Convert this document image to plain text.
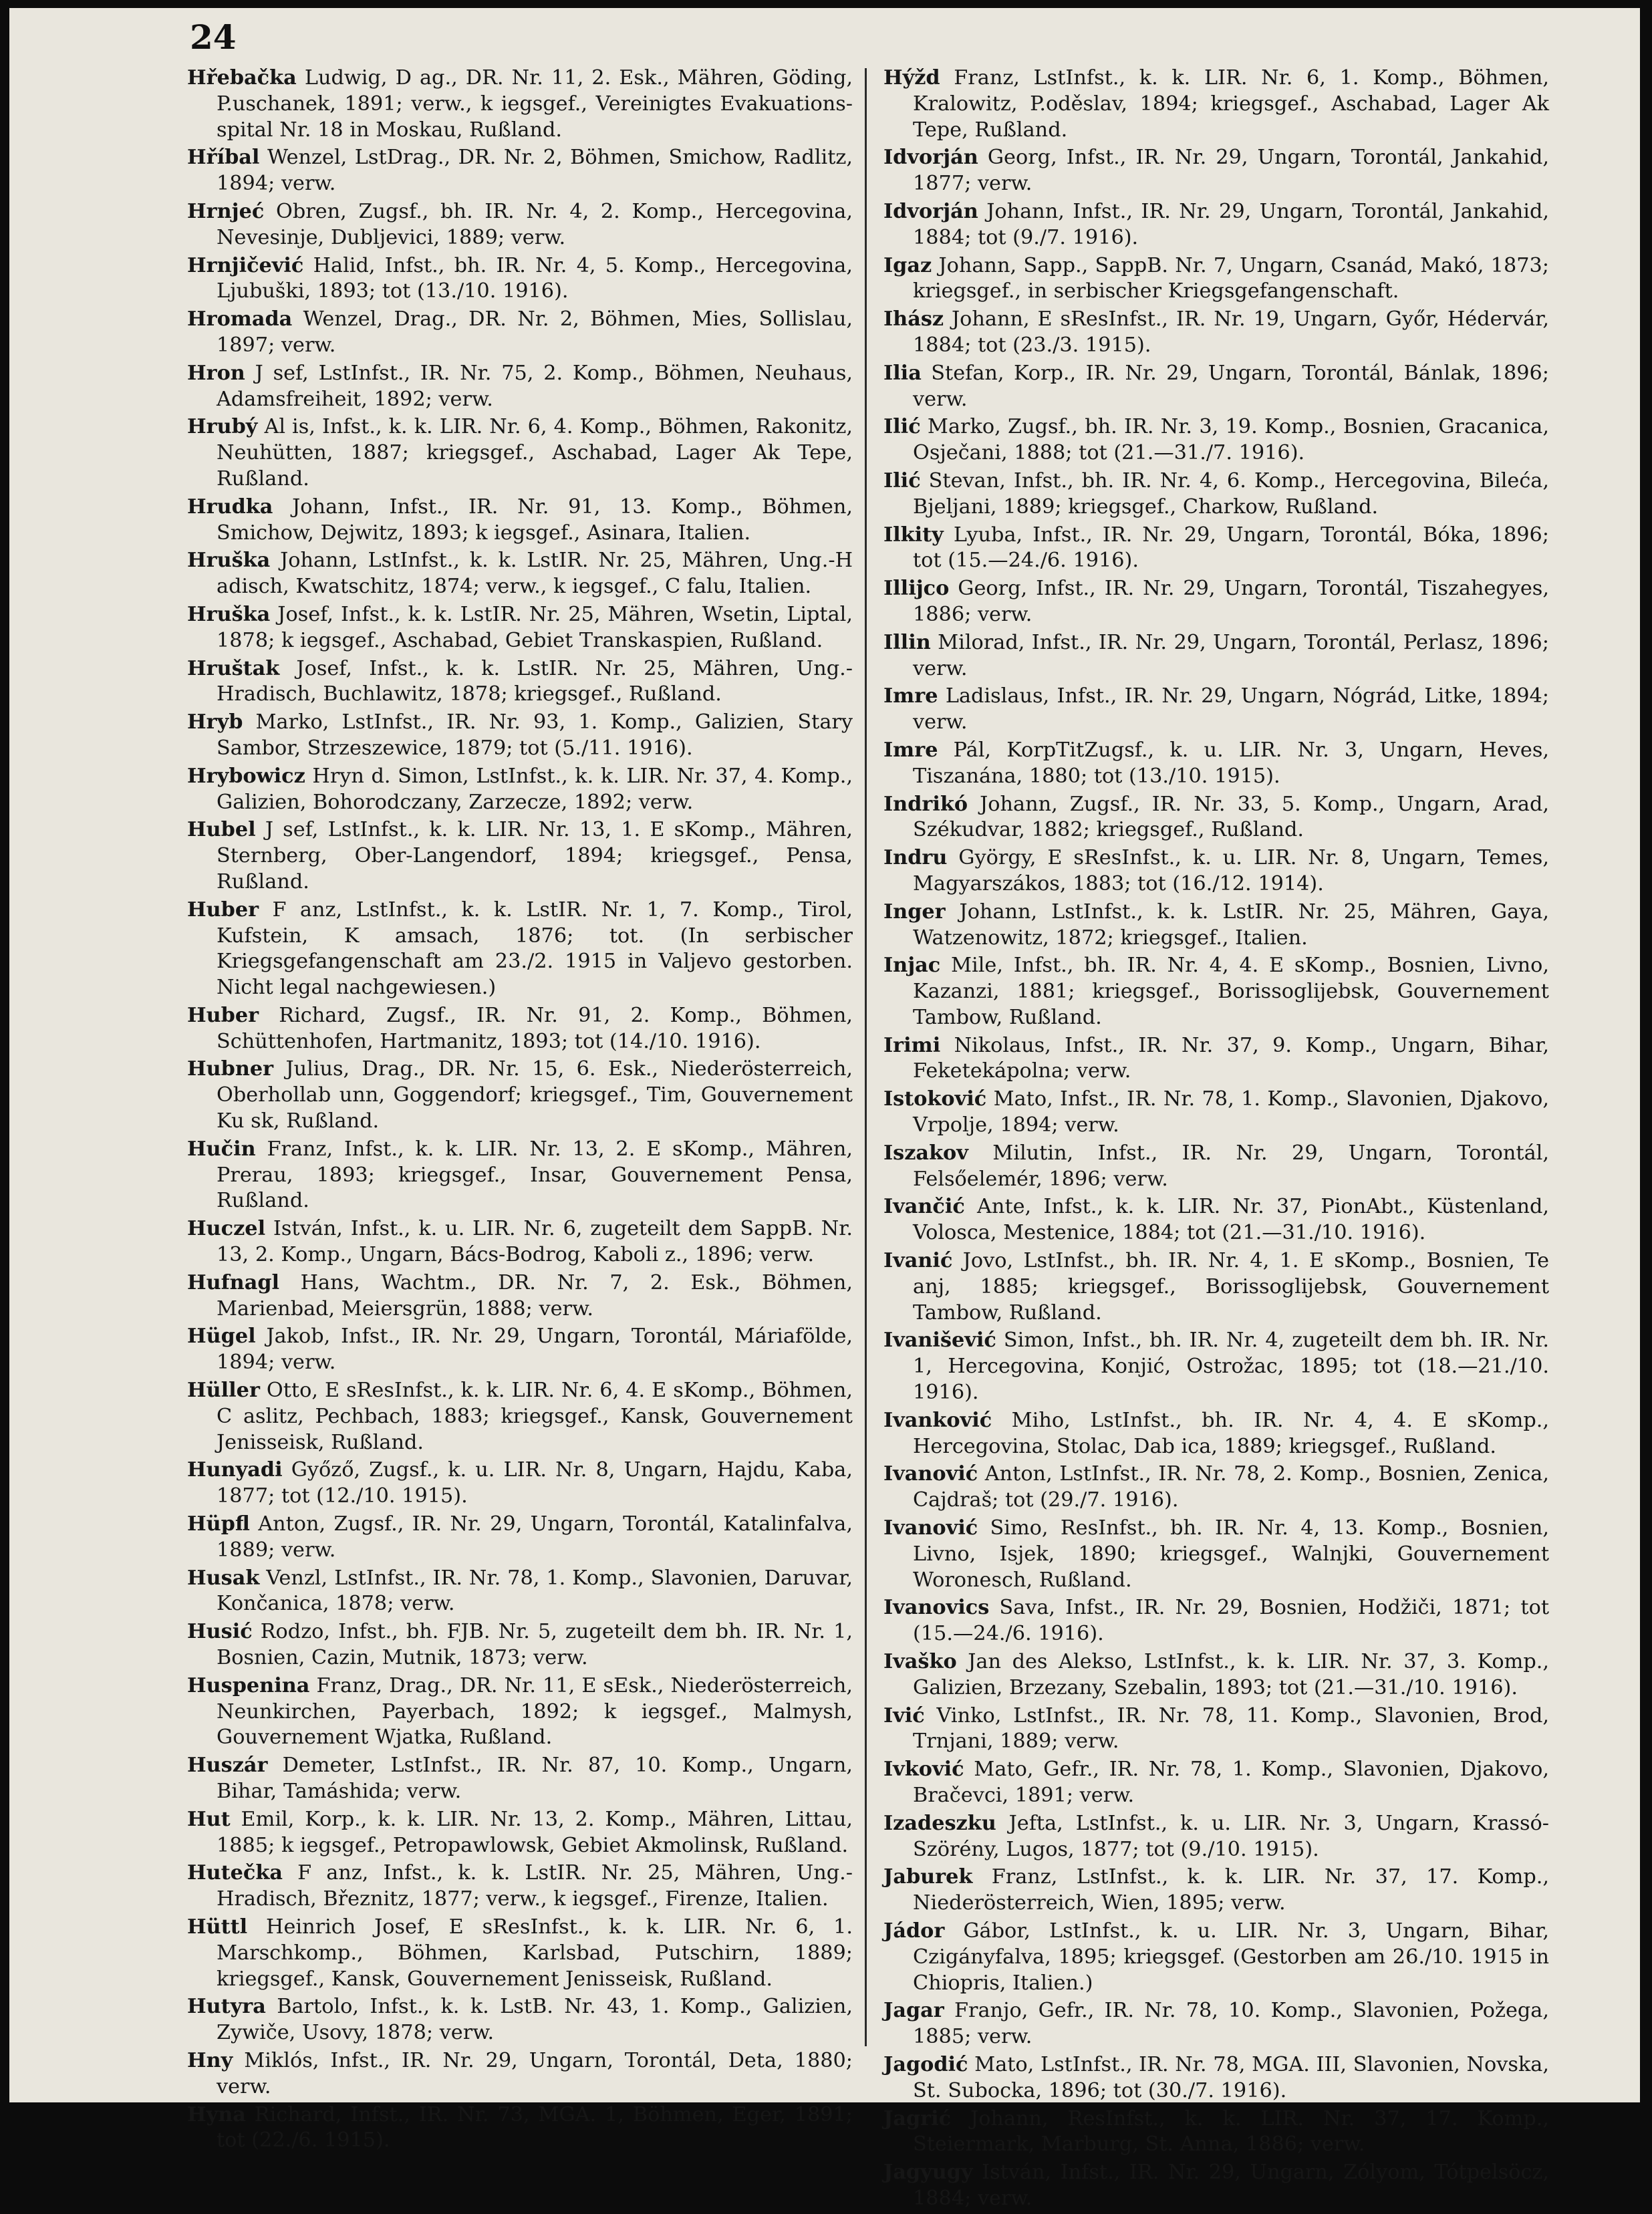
24

Hřebačka Ludwig, D ag., DR. Nr. 11, 2. Esk., Mähren, Göding, P.uschanek, 1891; verw., k iegsgef., Vereinigtes Evakuations-spital Nr. 18 in Moskau, Rußland.

Hříbal Wenzel, LstDrag., DR. Nr. 2, Böhmen, Smichow, Radlitz, 1894; verw.

Hrnjeć Obren, Zugsf., bh. IR. Nr. 4, 2. Komp., Hercegovina, Nevesinje, Dubljevici, 1889; verw.

Hrnjičević Halid, Infst., bh. IR. Nr. 4, 5. Komp., Hercegovina, Ljubuški, 1893; tot (13./10. 1916).

Hromada Wenzel, Drag., DR. Nr. 2, Böhmen, Mies, Sollislau, 1897; verw.

Hron J sef, LstInfst., IR. Nr. 75, 2. Komp., Böhmen, Neuhaus, Adamsfreiheit, 1892; verw.

Hrubý Al is, Infst., k. k. LIR. Nr. 6, 4. Komp., Böhmen, Rakonitz, Neuhütten, 1887; kriegsgef., Aschabad, Lager Ak Tepe, Rußland.

Hrudka Johann, Infst., IR. Nr. 91, 13. Komp., Böhmen, Smichow, Dejwitz, 1893; k iegsgef., Asinara, Italien.

Hruška Johann, LstInfst., k. k. LstIR. Nr. 25, Mähren, Ung.-H adisch, Kwatschitz, 1874; verw., k iegsgef., C falu, Italien.

Hruška Josef, Infst., k. k. LstIR. Nr. 25, Mähren, Wsetin, Liptal, 1878; k iegsgef., Aschabad, Gebiet Transkaspien, Rußland.

Hruštak Josef, Infst., k. k. LstIR. Nr. 25, Mähren, Ung.-Hradisch, Buchlawitz, 1878; kriegsgef., Rußland.

Hryb Marko, LstInfst., IR. Nr. 93, 1. Komp., Galizien, Stary Sambor, Strzeszewice, 1879; tot (5./11. 1916).

Hrybowicz Hryn d. Simon, LstInfst., k. k. LIR. Nr. 37, 4. Komp., Galizien, Bohorodczany, Zarzecze, 1892; verw.

Hubel J sef, LstInfst., k. k. LIR. Nr. 13, 1. E sKomp., Mähren, Sternberg, Ober-Langendorf, 1894; kriegsgef., Pensa, Rußland.

Huber F anz, LstInfst., k. k. LstIR. Nr. 1, 7. Komp., Tirol, Kufstein, K amsach, 1876; tot. (In serbischer Kriegsgefangenschaft am 23./2. 1915 in Valjevo gestorben. Nicht legal nachgewiesen.)

Huber Richard, Zugsf., IR. Nr. 91, 2. Komp., Böhmen, Schüttenhofen, Hartmanitz, 1893; tot (14./10. 1916).

Hubner Julius, Drag., DR. Nr. 15, 6. Esk., Niederösterreich, Oberhollab unn, Goggendorf; kriegsgef., Tim, Gouvernement Ku sk, Rußland.

Hučin Franz, Infst., k. k. LIR. Nr. 13, 2. E sKomp., Mähren, Prerau, 1893; kriegsgef., Insar, Gouvernement Pensa, Rußland.

Huczel István, Infst., k. u. LIR. Nr. 6, zugeteilt dem SappB. Nr. 13, 2. Komp., Ungarn, Bács-Bodrog, Kaboli z., 1896; verw.

Hufnagl Hans, Wachtm., DR. Nr. 7, 2. Esk., Böhmen, Marienbad, Meiersgrün, 1888; verw.

Hügel Jakob, Infst., IR. Nr. 29, Ungarn, Torontál, Máriafölde, 1894; verw.

Hüller Otto, E sResInfst., k. k. LIR. Nr. 6, 4. E sKomp., Böhmen, C aslitz, Pechbach, 1883; kriegsgef., Kansk, Gouvernement Jenisseisk, Rußland.

Hunyadi Győző, Zugsf., k. u. LIR. Nr. 8, Ungarn, Hajdu, Kaba, 1877; tot (12./10. 1915).

Hüpfl Anton, Zugsf., IR. Nr. 29, Ungarn, Torontál, Katalinfalva, 1889; verw.

Husak Venzl, LstInfst., IR. Nr. 78, 1. Komp., Slavonien, Daruvar, Končanica, 1878; verw.

Husić Rodzo, Infst., bh. FJB. Nr. 5, zugeteilt dem bh. IR. Nr. 1, Bosnien, Cazin, Mutnik, 1873; verw.

Huspenina Franz, Drag., DR. Nr. 11, E sEsk., Niederösterreich, Neunkirchen, Payerbach, 1892; k iegsgef., Malmysh, Gouvernement Wjatka, Rußland.

Huszár Demeter, LstInfst., IR. Nr. 87, 10. Komp., Ungarn, Bihar, Tamáshida; verw.

Hut Emil, Korp., k. k. LIR. Nr. 13, 2. Komp., Mähren, Littau, 1885; k iegsgef., Petropawlowsk, Gebiet Akmolinsk, Rußland.

Hutečka F anz, Infst., k. k. LstIR. Nr. 25, Mähren, Ung.-Hradisch, Březnitz, 1877; verw., k iegsgef., Firenze, Italien.

Hüttl Heinrich Josef, E sResInfst., k. k. LIR. Nr. 6, 1. Marschkomp., Böhmen, Karlsbad, Putschirn, 1889; kriegsgef., Kansk, Gouvernement Jenisseisk, Rußland.

Hutyra Bartolo, Infst., k. k. LstB. Nr. 43, 1. Komp., Galizien, Zywiče, Usovy, 1878; verw.

Hny Miklós, Infst., IR. Nr. 29, Ungarn, Torontál, Deta, 1880; verw.

Hyna Richard, Infst., IR. Nr. 73, MGA. 1, Böhmen, Eger, 1891; tot (22./6. 1915).

Hýžd Franz, LstInfst., k. k. LIR. Nr. 6, 1. Komp., Böhmen, Kralowitz, P.oděslav, 1894; kriegsgef., Aschabad, Lager Ak Tepe, Rußland.

Idvorján Georg, Infst., IR. Nr. 29, Ungarn, Torontál, Jankahid, 1877; verw.

Idvorján Johann, Infst., IR. Nr. 29, Ungarn, Torontál, Jankahid, 1884; tot (9./7. 1916).

Igaz Johann, Sapp., SappB. Nr. 7, Ungarn, Csanád, Makó, 1873; kriegsgef., in serbischer Kriegsgefangenschaft.

Ihász Johann, E sResInfst., IR. Nr. 19, Ungarn, Győr, Hédervár, 1884; tot (23./3. 1915).

Ilia Stefan, Korp., IR. Nr. 29, Ungarn, Torontál, Bánlak, 1896; verw.

Ilić Marko, Zugsf., bh. IR. Nr. 3, 19. Komp., Bosnien, Gracanica, Osječani, 1888; tot (21.—31./7. 1916).

Ilić Stevan, Infst., bh. IR. Nr. 4, 6. Komp., Hercegovina, Bileća, Bjeljani, 1889; kriegsgef., Charkow, Rußland.

Ilkity Lyuba, Infst., IR. Nr. 29, Ungarn, Torontál, Bóka, 1896; tot (15.—24./6. 1916).

Illijco Georg, Infst., IR. Nr. 29, Ungarn, Torontál, Tiszahegyes, 1886; verw.

Illin Milorad, Infst., IR. Nr. 29, Ungarn, Torontál, Perlasz, 1896; verw.

Imre Ladislaus, Infst., IR. Nr. 29, Ungarn, Nógrád, Litke, 1894; verw.

Imre Pál, KorpTitZugsf., k. u. LIR. Nr. 3, Ungarn, Heves, Tiszanána, 1880; tot (13./10. 1915).

Indrikó Johann, Zugsf., IR. Nr. 33, 5. Komp., Ungarn, Arad, Székudvar, 1882; kriegsgef., Rußland.

Indru György, E sResInfst., k. u. LIR. Nr. 8, Ungarn, Temes, Magyarszákos, 1883; tot (16./12. 1914).

Inger Johann, LstInfst., k. k. LstIR. Nr. 25, Mähren, Gaya, Watzenowitz, 1872; kriegsgef., Italien.

Injac Mile, Infst., bh. IR. Nr. 4, 4. E sKomp., Bosnien, Livno, Kazanzi, 1881; kriegsgef., Borissoglijebsk, Gouvernement Tambow, Rußland.

Irimi Nikolaus, Infst., IR. Nr. 37, 9. Komp., Ungarn, Bihar, Feketekápolna; verw.

Istoković Mato, Infst., IR. Nr. 78, 1. Komp., Slavonien, Djakovo, Vrpolje, 1894; verw.

Iszakov Milutin, Infst., IR. Nr. 29, Ungarn, Torontál, Felsőelemér, 1896; verw.

Ivančić Ante, Infst., k. k. LIR. Nr. 37, PionAbt., Küstenland, Volosca, Mestenice, 1884; tot (21.—31./10. 1916).

Ivanić Jovo, LstInfst., bh. IR. Nr. 4, 1. E sKomp., Bosnien, Te anj, 1885; kriegsgef., Borissoglijebsk, Gouvernement Tambow, Rußland.

Ivanišević Simon, Infst., bh. IR. Nr. 4, zugeteilt dem bh. IR. Nr. 1, Hercegovina, Konjić, Ostrožac, 1895; tot (18.—21./10. 1916).

Ivanković Miho, LstInfst., bh. IR. Nr. 4, 4. E sKomp., Hercegovina, Stolac, Dab ica, 1889; kriegsgef., Rußland.

Ivanović Anton, LstInfst., IR. Nr. 78, 2. Komp., Bosnien, Zenica, Cajdraš; tot (29./7. 1916).

Ivanović Simo, ResInfst., bh. IR. Nr. 4, 13. Komp., Bosnien, Livno, Isjek, 1890; kriegsgef., Walnjki, Gouvernement Woronesch, Rußland.

Ivanovics Sava, Infst., IR. Nr. 29, Bosnien, Hodžiči, 1871; tot (15.—24./6. 1916).

Ivaško Jan des Alekso, LstInfst., k. k. LIR. Nr. 37, 3. Komp., Galizien, Brzezany, Szebalin, 1893; tot (21.—31./10. 1916).

Ivić Vinko, LstInfst., IR. Nr. 78, 11. Komp., Slavonien, Brod, Trnjani, 1889; verw.

Ivković Mato, Gefr., IR. Nr. 78, 1. Komp., Slavonien, Djakovo, Bračevci, 1891; verw.

Izadeszku Jefta, LstInfst., k. u. LIR. Nr. 3, Ungarn, Krassó-Szörény, Lugos, 1877; tot (9./10. 1915).

Jaburek Franz, LstInfst., k. k. LIR. Nr. 37, 17. Komp., Niederösterreich, Wien, 1895; verw.

Jádor Gábor, LstInfst., k. u. LIR. Nr. 3, Ungarn, Bihar, Czigányfalva, 1895; kriegsgef. (Gestorben am 26./10. 1915 in Chiopris, Italien.)

Jagar Franjo, Gefr., IR. Nr. 78, 10. Komp., Slavonien, Požega, 1885; verw.

Jagodić Mato, LstInfst., IR. Nr. 78, MGA. III, Slavonien, Novska, St. Subocka, 1896; tot (30./7. 1916).

Jagrić Johann, ResInfst., k. k. LIR. Nr. 37, 17. Komp., Steiermark, Marburg, St. Anna, 1886; verw.

Jagyugy István, Infst., IR. Nr. 29, Ungarn, Zólyom, Tótpelsöcz, 1884; verw.
